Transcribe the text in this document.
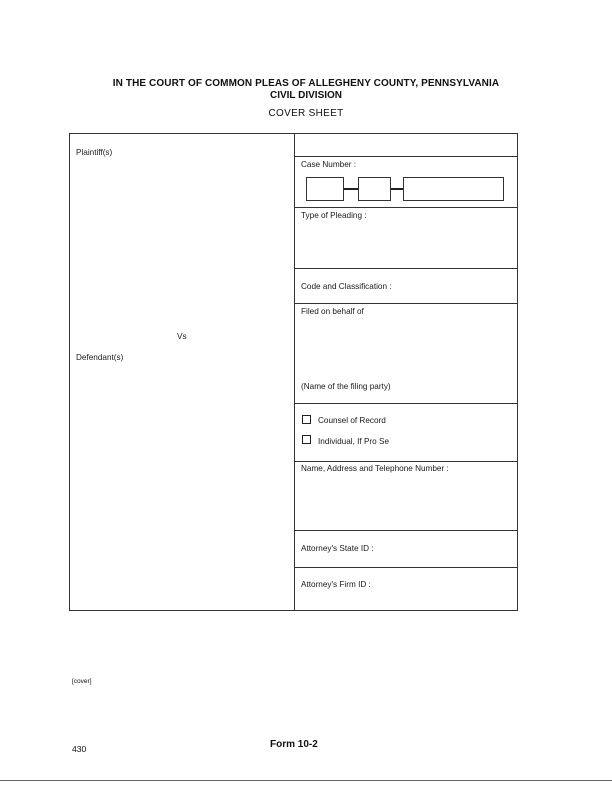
IN THE COURT OF COMMON PLEAS OF ALLEGHENY COUNTY, PENNSYLVANIA
CIVIL DIVISION
COVER SHEET
Plaintiff(s)
Vs
Defendant(s)
Case Number :
Type of Pleading :
Code and Classification :
Filed on behalf of
(Name of the filing party)
Counsel of Record
Individual, If Pro Se
Name, Address and Telephone Number :
Attorney's State ID :
Attorney's Firm ID :
[cover]
430	Form 10-2
